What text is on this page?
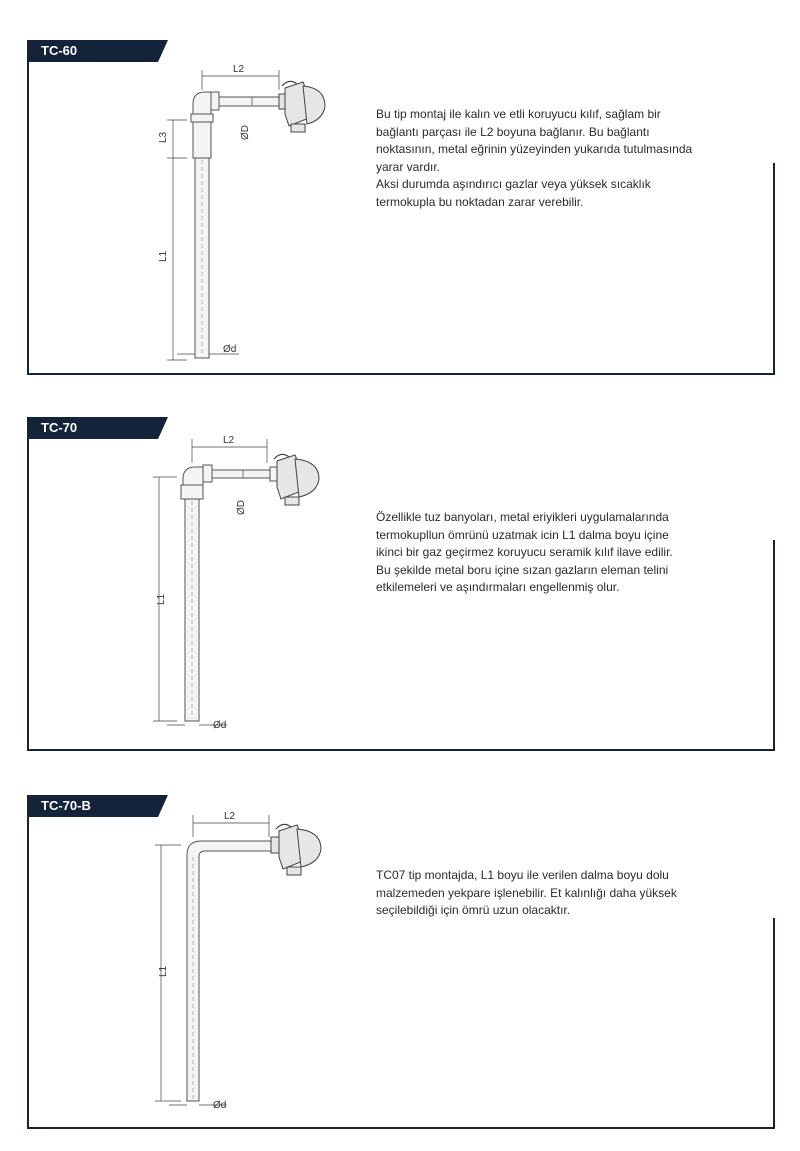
TC-60
L2
L3
L1
ØD
Ød

Bu tip montaj ile kalın ve etli koruyucu kılıf, sağlam bir
bağlantı parçası ile L2 boyuna bağlanır. Bu bağlantı
noktasının, metal eğrinin yüzeyinden yukarıda tutulmasında
yarar vardır.

Aksi durumda aşındırıcı gazlar veya yüksek sıcaklık
termokupla bu noktadan zarar verebilir.

TC-70
L2
L1
ØD
Ød

Özellikle tuz banyoları, metal eriyikleri uygulamalarında
termokupllun ömrünü uzatmak icin L1 dalma boyu içine
ikinci bir gaz geçirmez koruyucu seramik kılıf ilave edilir.
Bu şekilde metal boru içine sızan gazların eleman telini
etkilemeleri ve aşındırmaları engellenmiş olur.

TC-70-B
L2
L1
Ød

TC07 tip montajda, L1 boyu ile verilen dalma boyu dolu
malzemeden yekpare işlenebilir. Et kalınlığı daha yüksek
seçilebildiği için ömrü uzun olacaktır.
